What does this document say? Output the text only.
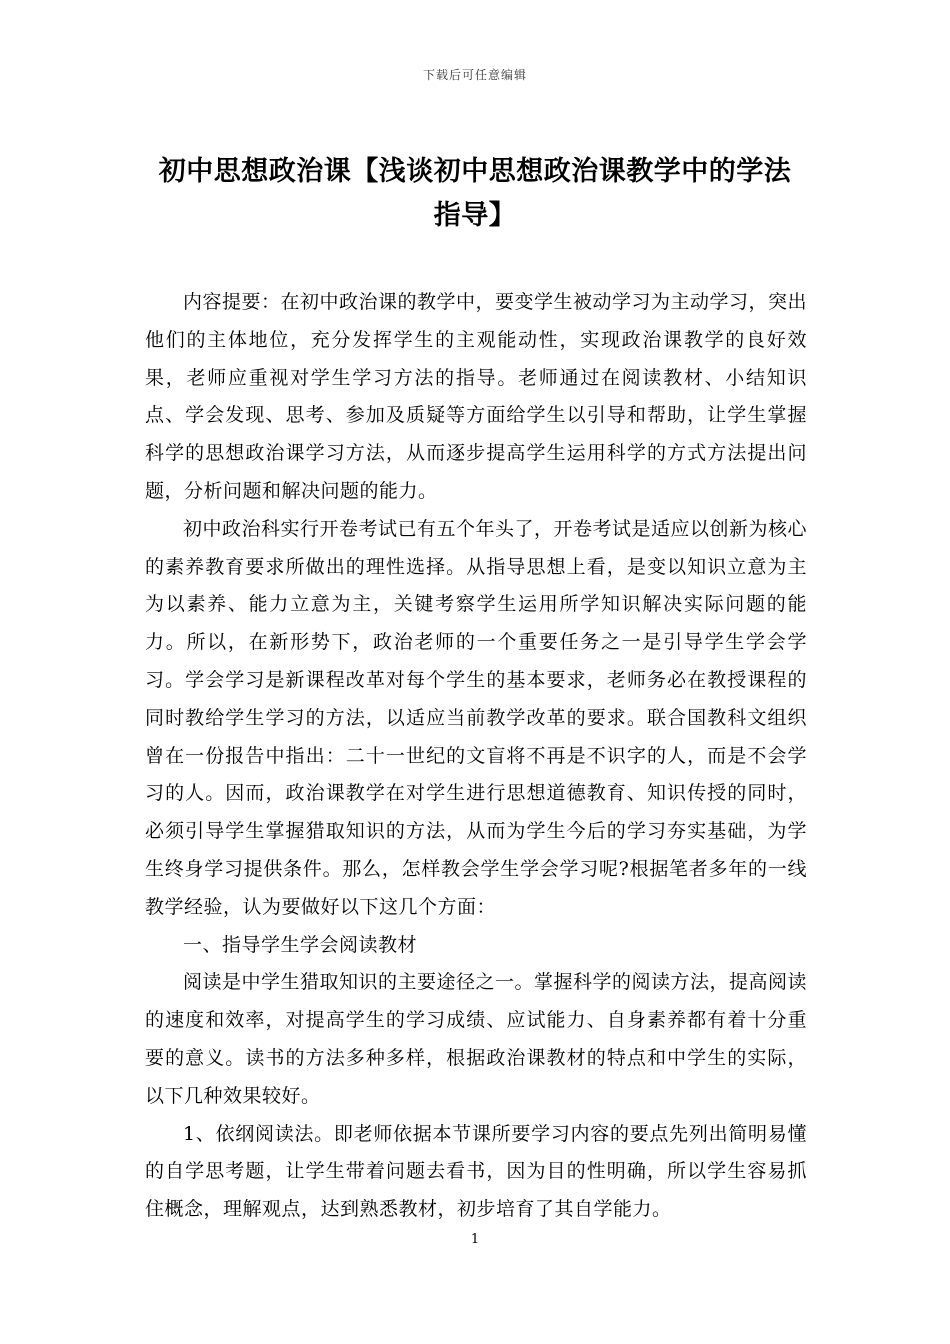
下载后可任意编辑
初中思想政治课【浅谈初中思想政治课教学中的学法指导】

内容提要：在初中政治课的教学中，要变学生被动学习为主动学习，突出他们的主体地位，充分发挥学生的主观能动性，实现政治课教学的良好效果，老师应重视对学生学习方法的指导。老师通过在阅读教材、小结知识点、学会发现、思考、参加及质疑等方面给学生以引导和帮助，让学生掌握科学的思想政治课学习方法，从而逐步提高学生运用科学的方式方法提出问题，分析问题和解决问题的能力。

初中政治科实行开卷考试已有五个年头了，开卷考试是适应以创新为核心的素养教育要求所做出的理性选择。从指导思想上看，是变以知识立意为主为以素养、能力立意为主，关键考察学生运用所学知识解决实际问题的能力。所以，在新形势下，政治老师的一个重要任务之一是引导学生学会学习。学会学习是新课程改革对每个学生的基本要求，老师务必在教授课程的同时教给学生学习的方法，以适应当前教学改革的要求。联合国教科文组织曾在一份报告中指出：二十一世纪的文盲将不再是不识字的人，而是不会学习的人。因而，政治课教学在对学生进行思想道德教育、知识传授的同时，必须引导学生掌握猎取知识的方法，从而为学生今后的学习夯实基础，为学生终身学习提供条件。那么，怎样教会学生学会学习呢?根据笔者多年的一线教学经验，认为要做好以下这几个方面：

一、指导学生学会阅读教材

阅读是中学生猎取知识的主要途径之一。掌握科学的阅读方法，提高阅读的速度和效率，对提高学生的学习成绩、应试能力、自身素养都有着十分重要的意义。读书的方法多种多样，根据政治课教材的特点和中学生的实际，以下几种效果较好。

1、依纲阅读法。即老师依据本节课所要学习内容的要点先列出简明易懂的自学思考题，让学生带着问题去看书，因为目的性明确，所以学生容易抓住概念，理解观点，达到熟悉教材，初步培育了其自学能力。

1
